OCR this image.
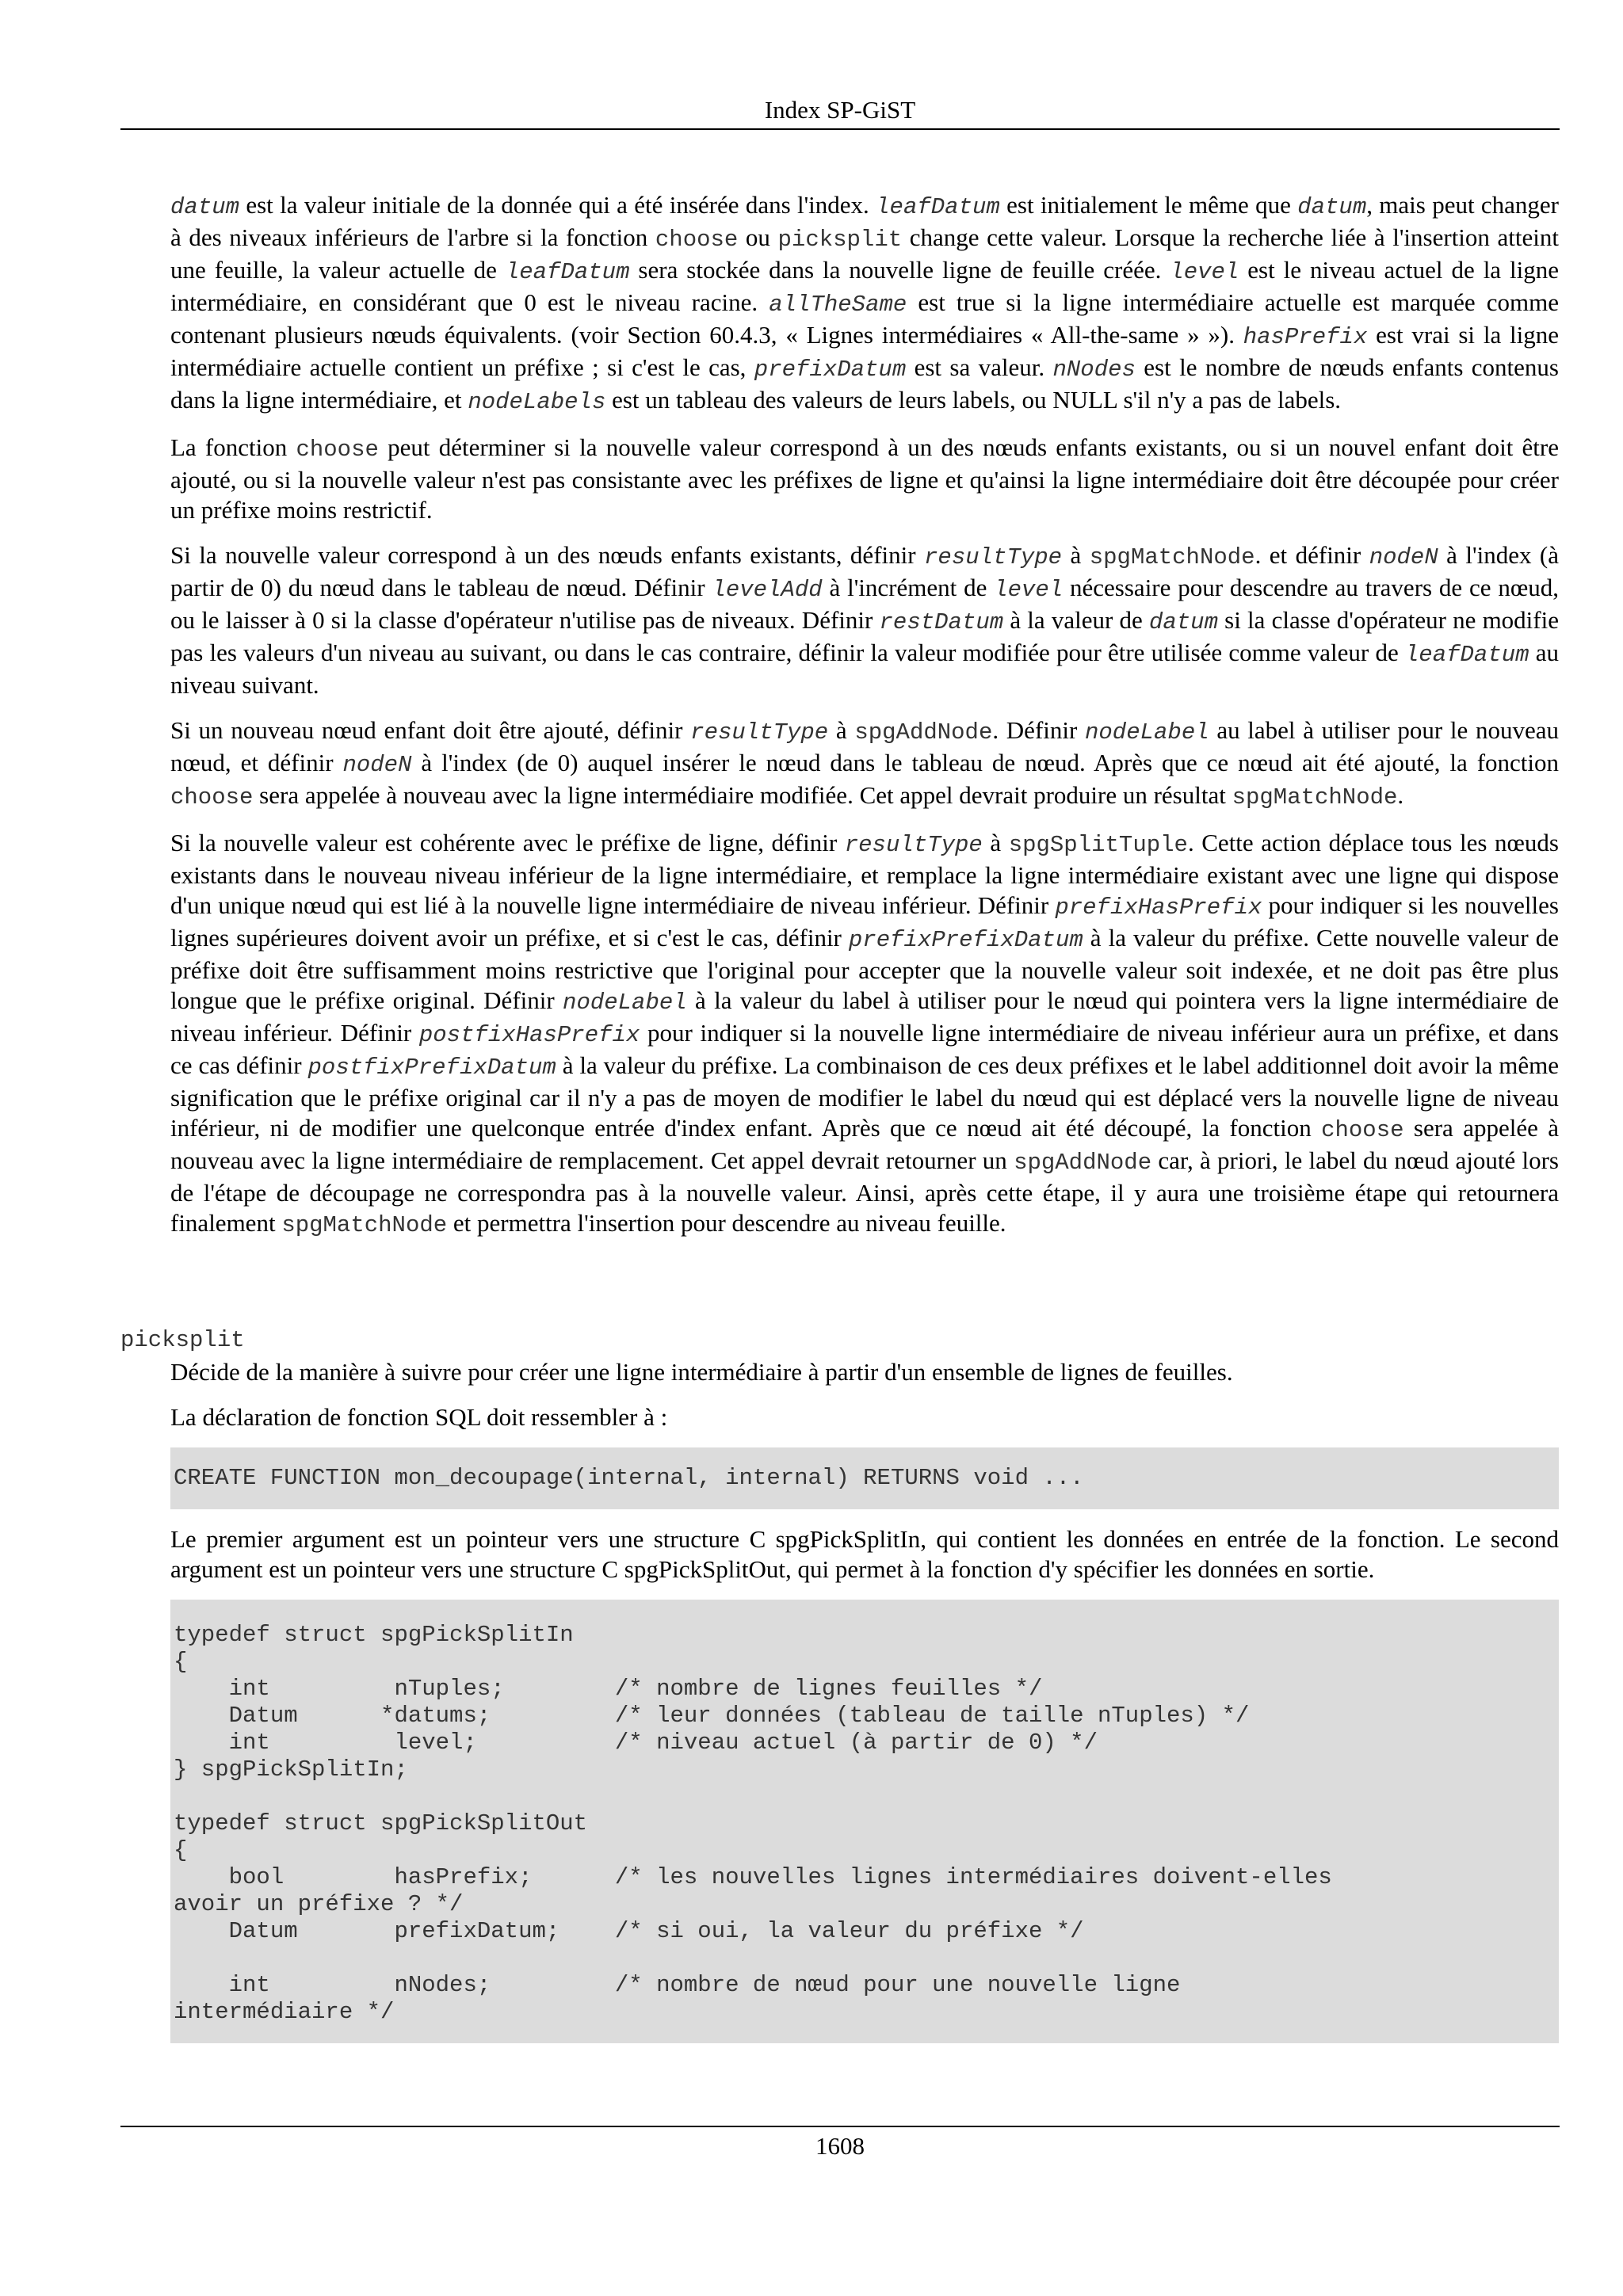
Index SP-GiST

datum est la valeur initiale de la donnée qui a été insérée dans l'index. leafDatum est initialement le même que datum, mais peut changer à des niveaux inférieurs de l'arbre si la fonction choose ou picksplit change cette valeur. Lorsque la recherche liée à l'insertion atteint une feuille, la valeur actuelle de leafDatum sera stockée dans la nouvelle ligne de feuille créée. level est le niveau actuel de la ligne intermédiaire, en considérant que 0 est le niveau racine. allTheSame est true si la ligne intermédiaire actuelle est marquée comme contenant plusieurs nœuds équivalents. (voir Section 60.4.3, « Lignes intermédiaires « All-the-same » »). hasPrefix est vrai si la ligne intermédiaire actuelle contient un préfixe ; si c'est le cas, prefixDatum est sa valeur. nNodes est le nombre de nœuds enfants contenus dans la ligne intermédiaire, et nodeLabels est un tableau des valeurs de leurs labels, ou NULL s'il n'y a pas de labels.

La fonction choose peut déterminer si la nouvelle valeur correspond à un des nœuds enfants existants, ou si un nouvel enfant doit être ajouté, ou si la nouvelle valeur n'est pas consistante avec les préfixes de ligne et qu'ainsi la ligne intermédiaire doit être découpée pour créer un préfixe moins restrictif.

Si la nouvelle valeur correspond à un des nœuds enfants existants, définir resultType à spgMatchNode. et définir nodeN à l'index (à partir de 0) du nœud dans le tableau de nœud. Définir levelAdd à l'incrément de level nécessaire pour descendre au travers de ce nœud, ou le laisser à 0 si la classe d'opérateur n'utilise pas de niveaux. Définir restDatum à la valeur de datum si la classe d'opérateur ne modifie pas les valeurs d'un niveau au suivant, ou dans le cas contraire, définir la valeur modifiée pour être utilisée comme valeur de leafDatum au niveau suivant.

Si un nouveau nœud enfant doit être ajouté, définir resultType à spgAddNode. Définir nodeLabel au label à utiliser pour le nouveau nœud, et définir nodeN à l'index (de 0) auquel insérer le nœud dans le tableau de nœud. Après que ce nœud ait été ajouté, la fonction choose sera appelée à nouveau avec la ligne intermédiaire modifiée. Cet appel devrait produire un résultat spgMatchNode.

Si la nouvelle valeur est cohérente avec le préfixe de ligne, définir resultType à spgSplitTuple. Cette action déplace tous les nœuds existants dans le nouveau niveau inférieur de la ligne intermédiaire, et remplace la ligne intermédiaire existant avec une ligne qui dispose d'un unique nœud qui est lié à la nouvelle ligne intermédiaire de niveau inférieur. Définir prefixHasPrefix pour indiquer si les nouvelles lignes supérieures doivent avoir un préfixe, et si c'est le cas, définir prefixPrefixDatum à la valeur du préfixe. Cette nouvelle valeur de préfixe doit être suffisamment moins restrictive que l'original pour accepter que la nouvelle valeur soit indexée, et ne doit pas être plus longue que le préfixe original. Définir nodeLabel à la valeur du label à utiliser pour le nœud qui pointera vers la ligne intermédiaire de niveau inférieur. Définir postfixHasPrefix pour indiquer si la nouvelle ligne intermédiaire de niveau inférieur aura un préfixe, et dans ce cas définir postfixPrefixDatum à la valeur du préfixe. La combinaison de ces deux préfixes et le label additionnel doit avoir la même signification que le préfixe original car il n'y a pas de moyen de modifier le label du nœud qui est déplacé vers la nouvelle ligne de niveau inférieur, ni de modifier une quelconque entrée d'index enfant. Après que ce nœud ait été découpé, la fonction choose sera appelée à nouveau avec la ligne intermédiaire de remplacement. Cet appel devrait retourner un spgAddNode car, à priori, le label du nœud ajouté lors de l'étape de découpage ne correspondra pas à la nouvelle valeur. Ainsi, après cette étape, il y aura une troisième étape qui retournera finalement spgMatchNode et permettra l'insertion pour descendre au niveau feuille.

picksplit

Décide de la manière à suivre pour créer une ligne intermédiaire à partir d'un ensemble de lignes de feuilles.

La déclaration de fonction SQL doit ressembler à :

CREATE FUNCTION mon_decoupage(internal, internal) RETURNS void ...

Le premier argument est un pointeur vers une structure C spgPickSplitIn, qui contient les données en entrée de la fonction. Le second argument est un pointeur vers une structure C spgPickSplitOut, qui permet à la fonction d'y spécifier les données en sortie.

typedef struct spgPickSplitIn
{
int         nTuples;        /* nombre de lignes feuilles */
Datum      *datums;         /* leur données (tableau de taille nTuples) */
int         level;          /* niveau actuel (à partir de 0) */
} spgPickSplitIn;

typedef struct spgPickSplitOut
{
bool        hasPrefix;      /* les nouvelles lignes intermédiaires doivent-elles
avoir un préfixe ? */
Datum       prefixDatum;    /* si oui, la valeur du préfixe */

int         nNodes;         /* nombre de nœud pour une nouvelle ligne
intermédiaire */
1608
